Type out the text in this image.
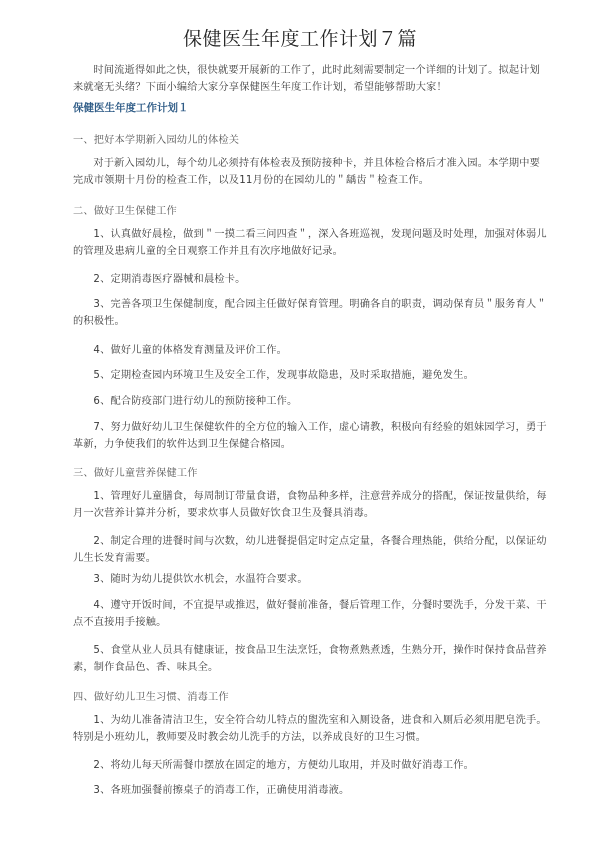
保健医生年度工作计划７篇
时间流逝得如此之快，很快就要开展新的工作了，此时此刻需要制定一个详细的计划了。拟起计划来就毫无头绪？下面小编给大家分享保健医生年度工作计划，希望能够帮助大家！
保健医生年度工作计划１
一、把好本学期新入园幼儿的体检关
对于新入园幼儿，每个幼儿必须持有体检表及预防接种卡，并且体检合格后才准入园。本学期中要完成市领期十月份的检查工作，以及11月份的在园幼儿的＂龋齿＂检查工作。
二、做好卫生保健工作
1、认真做好晨检，做到＂一摸二看三问四查＂，深入各班巡视，发现问题及时处理，加强对体弱儿的管理及患病儿童的全日观察工作并且有次序地做好记录。
2、定期消毒医疗器械和晨检卡。
3、完善各项卫生保健制度，配合园主任做好保育管理。明确各自的职责，调动保育员＂服务育人＂的积极性。
4、做好儿童的体格发育测量及评价工作。
5、定期检查园内环境卫生及安全工作，发现事故隐患，及时采取措施，避免发生。
6、配合防疫部门进行幼儿的预防接种工作。
7、努力做好幼儿卫生保健软件的全方位的输入工作，虚心请教，积极向有经验的姐妹园学习，勇于革新，力争使我们的软件达到卫生保健合格园。
三、做好儿童营养保健工作
1、管理好儿童膳食，每周制订带量食谱，食物品种多样，注意营养成分的搭配，保证按量供给，每月一次营养计算并分析，要求炊事人员做好饮食卫生及餐具消毒。
2、制定合理的进餐时间与次数，幼儿进餐提倡定时定点定量，各餐合理热能，供给分配，以保证幼儿生长发育需要。
3、随时为幼儿提供饮水机会，水温符合要求。
4、遵守开饭时间，不宜提早或推迟，做好餐前准备，餐后管理工作，分餐时要洗手，分发干菜、干点不直接用手接触。
5、食堂从业人员具有健康证，按食品卫生法烹饪，食物煮熟煮透，生熟分开，操作时保持食品营养素，制作食品色、香、味具全。
四、做好幼儿卫生习惯、消毒工作
1、为幼儿准备清洁卫生，安全符合幼儿特点的盥洗室和入厕设备，进食和入厕后必须用肥皂洗手。特别是小班幼儿，教师要及时教会幼儿洗手的方法，以养成良好的卫生习惯。
2、将幼儿每天所需餐巾摆放在固定的地方，方便幼儿取用，并及时做好消毒工作。
3、各班加强餐前擦桌子的消毒工作，正确使用消毒液。
